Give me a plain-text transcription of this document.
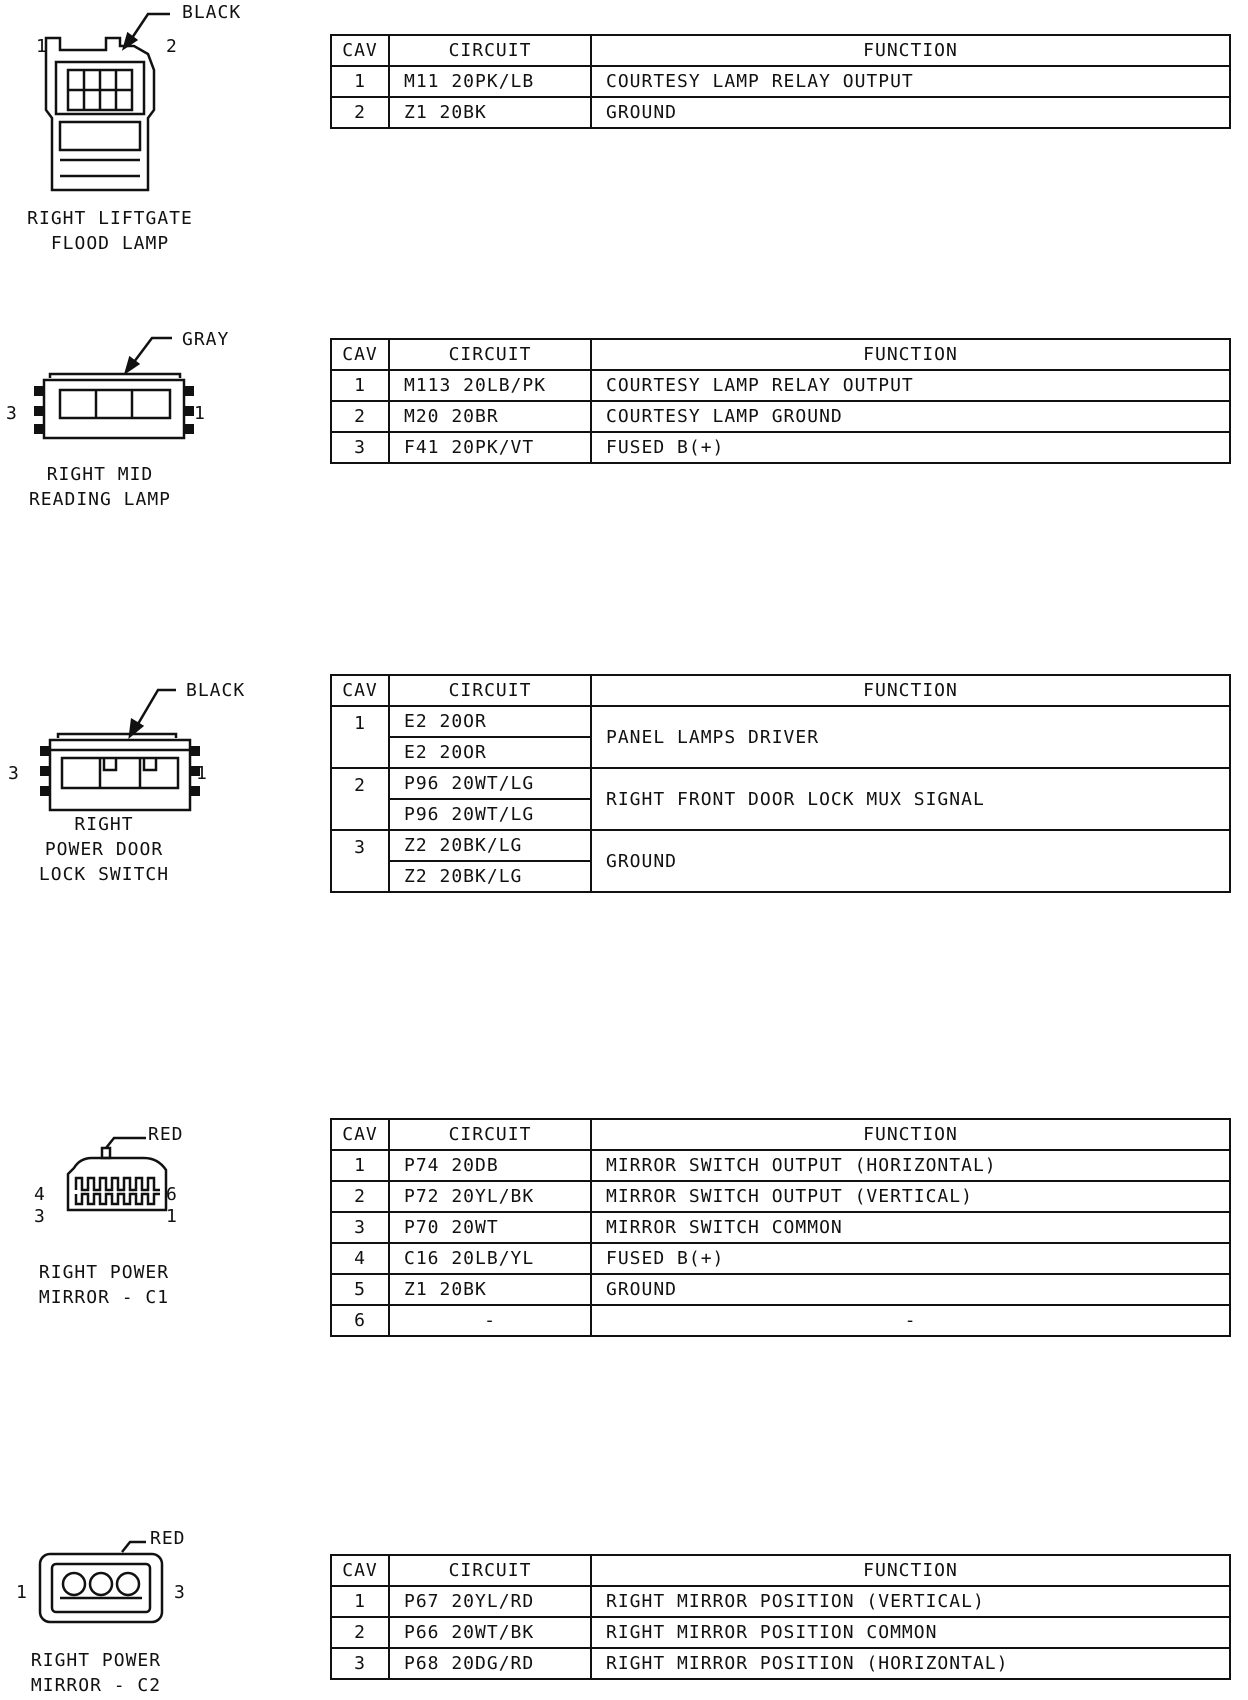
BLACK
1	2
RIGHT LIFTGATE
FLOOD LAMP
CAV	CIRCUIT	FUNCTION
1	M11 20PK/LB	COURTESY LAMP RELAY OUTPUT
2	Z1 20BK	GROUND
GRAY
3	1
RIGHT MID
READING LAMP
CAV	CIRCUIT	FUNCTION
1	M113 20LB/PK	COURTESY LAMP RELAY OUTPUT
2	M20 20BR	COURTESY LAMP GROUND
3	F41 20PK/VT	FUSED B(+)
BLACK
3	1
RIGHT
POWER DOOR
LOCK SWITCH
CAV	CIRCUIT	FUNCTION
1	E2 20OR	PANEL LAMPS DRIVER
	E2 20OR	
2	P96 20WT/LG	RIGHT FRONT DOOR LOCK MUX SIGNAL
	P96 20WT/LG	
3	Z2 20BK/LG	GROUND
	Z2 20BK/LG	
RED
4
3
6
1
RIGHT POWER
MIRROR - C1
CAV	CIRCUIT	FUNCTION
1	P74 20DB	MIRROR SWITCH OUTPUT (HORIZONTAL)
2	P72 20YL/BK	MIRROR SWITCH OUTPUT (VERTICAL)
3	P70 20WT	MIRROR SWITCH COMMON
4	C16 20LB/YL	FUSED B(+)
5	Z1 20BK	GROUND
6	-	-
RED
1	3
RIGHT POWER
MIRROR - C2
CAV	CIRCUIT	FUNCTION
1	P67 20YL/RD	RIGHT MIRROR POSITION (VERTICAL)
2	P66 20WT/BK	RIGHT MIRROR POSITION COMMON
3	P68 20DG/RD	RIGHT MIRROR POSITION (HORIZONTAL)
